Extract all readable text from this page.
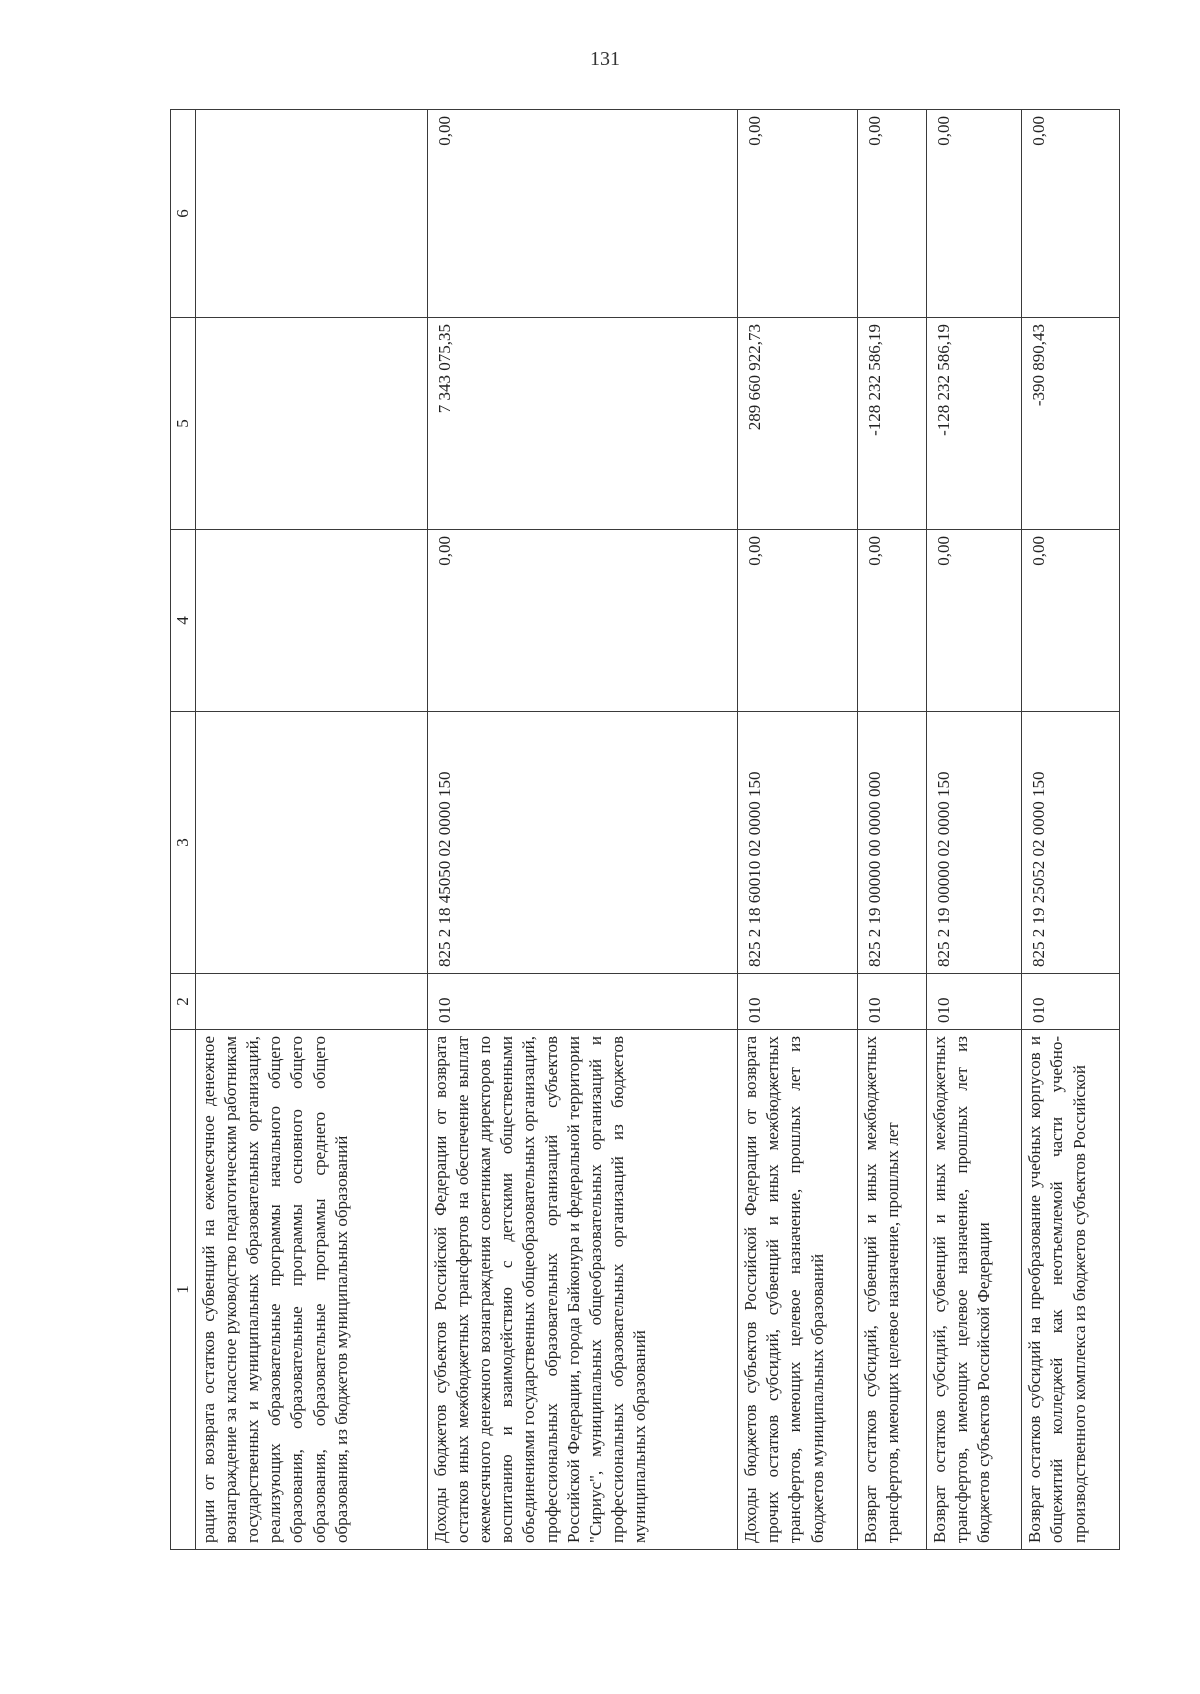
131
1	2	3	4	5	6

рации от возврата остатков субвенций на ежемесячное денежное вознаграждение за классное руководство педагогическим работникам государственных и муниципальных образовательных организаций, реализующих образовательные программы начального общего образования, образовательные программы основного общего образования, образовательные программы среднего общего образования, из бюджетов муниципальных образований					

Доходы бюджетов субъектов Российской Федерации от возврата остатков иных межбюджетных трансфертов на обеспечение выплат ежемесячного денежного вознаграждения советникам директоров по воспитанию и взаимодействию с детскими общественными объединениями государственных общеобразовательных организаций, профессиональных образовательных организаций субъектов Российской Федерации, города Байконура и федеральной территории "Сириус", муниципальных общеобразовательных организаций и профессиональных образовательных организаций из бюджетов муниципальных образований	010	825 2 18 45050 02 0000 150	0,00	7 343 075,35	0,00
Доходы бюджетов субъектов Российской Федерации от возврата прочих остатков субсидий, субвенций и иных межбюджетных трансфертов, имеющих целевое назначение, прошлых лет из бюджетов муниципальных образований	010	825 2 18 60010 02 0000 150	0,00	289 660 922,73	0,00
Возврат остатков субсидий, субвенций и иных межбюджетных трансфертов, имеющих целевое назначение, прошлых лет	010	825 2 19 00000 00 0000 000	0,00	-128 232 586,19	0,00
Возврат остатков субсидий, субвенций и иных межбюджетных трансфертов, имеющих целевое назначение, прошлых лет из бюджетов субъектов Российской Федерации	010	825 2 19 00000 02 0000 150	0,00	-128 232 586,19	0,00
Возврат остатков субсидий на преобразование учебных корпусов и общежитий колледжей как неотъемлемой части учебно-производственного комплекса из бюджетов субъектов Российской	010	825 2 19 25052 02 0000 150	0,00	-390 890,43	0,00
